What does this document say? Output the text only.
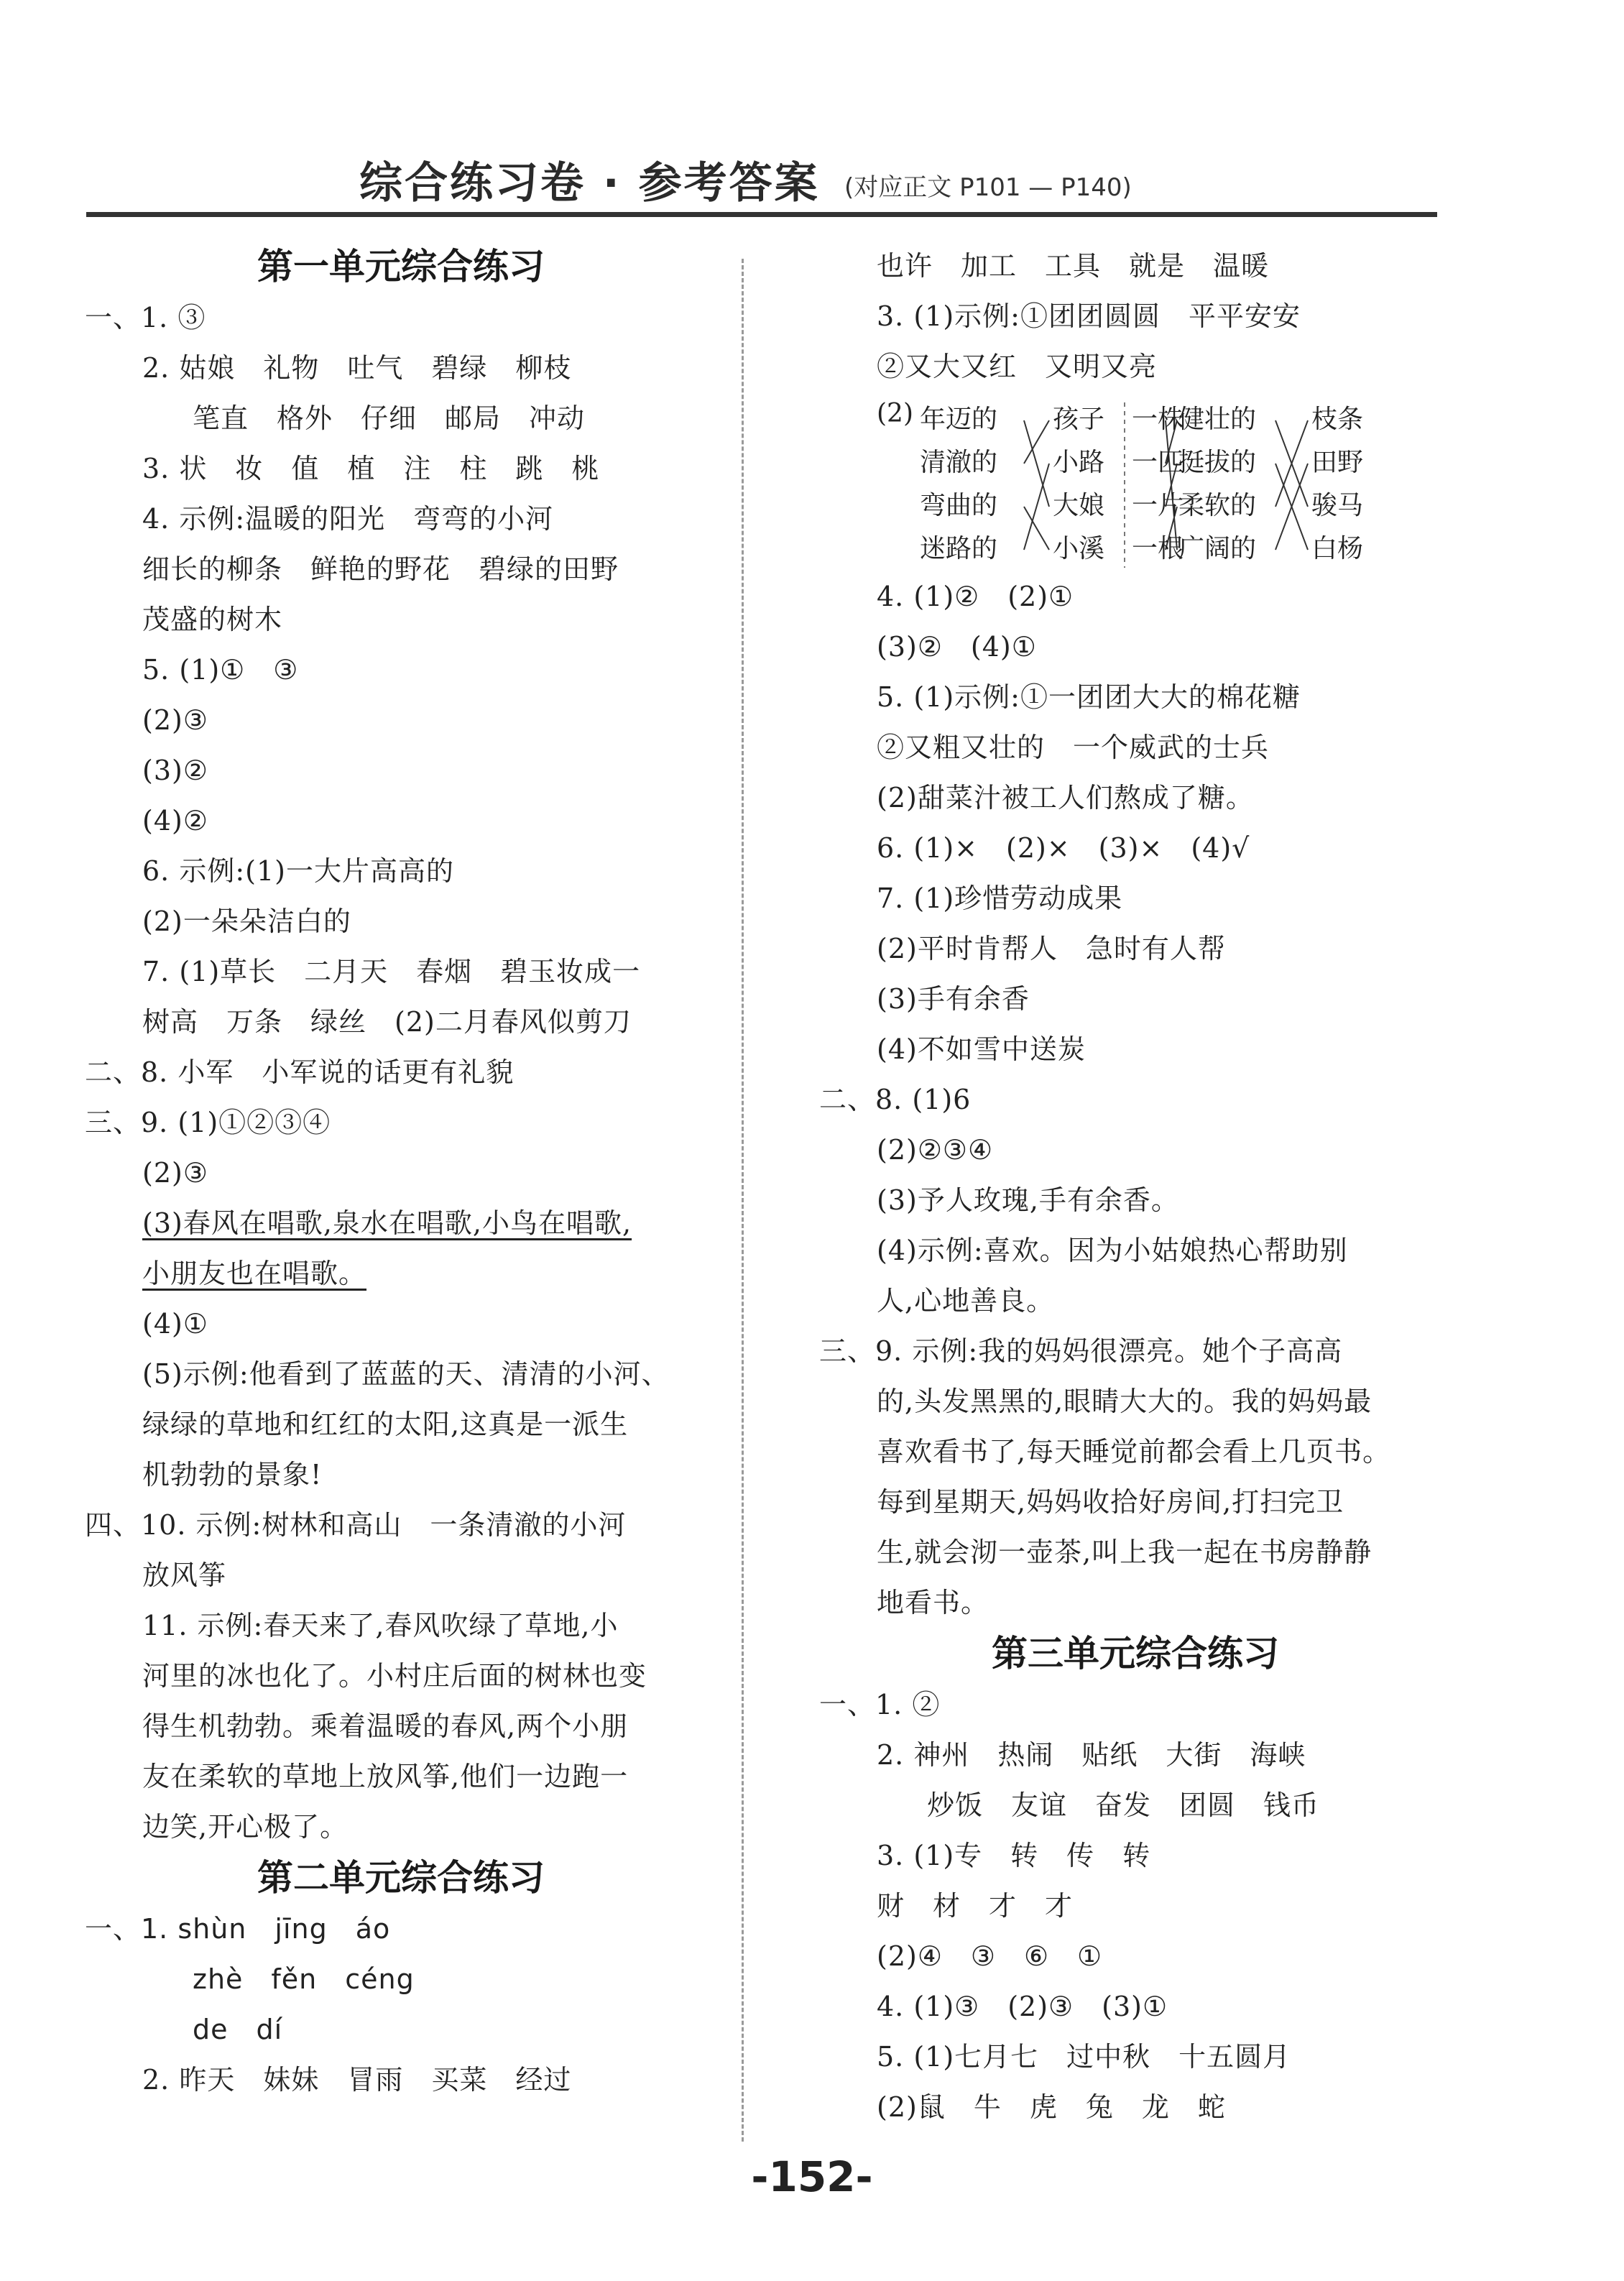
综合练习卷 · 参考答案 (对应正文 P101 — P140)
第一单元综合练习
一、1. ③
2. 姑娘　礼物　吐气　碧绿　柳枝
笔直　格外　仔细　邮局　冲动
3. 状　妆　值　植　注　柱　跳　桃
4. 示例:温暖的阳光　弯弯的小河
细长的柳条　鲜艳的野花　碧绿的田野
茂盛的树木
5. (1)①　③
(2)③
(3)②
(4)②
6. 示例:(1)一大片高高的
(2)一朵朵洁白的
7. (1)草长　二月天　春烟　碧玉妆成一
树高　万条　绿丝　(2)二月春风似剪刀
二、8. 小军　小军说的话更有礼貌
三、9. (1)①②③④
(2)③
(3)春风在唱歌,泉水在唱歌,小鸟在唱歌,
小朋友也在唱歌。
(4)①
(5)示例:他看到了蓝蓝的天、清清的小河、
绿绿的草地和红红的太阳,这真是一派生
机勃勃的景象!
四、10. 示例:树林和高山　一条清澈的小河
放风筝
11. 示例:春天来了,春风吹绿了草地,小
河里的冰也化了。小村庄后面的树林也变
得生机勃勃。乘着温暖的春风,两个小朋
友在柔软的草地上放风筝,他们一边跑一
边笑,开心极了。
第二单元综合练习
一、1. shùn　jīng　áo
zhè　fěn　céng
de　dí
2. 昨天　妹妹　冒雨　买菜　经过
也许　加工　工具　就是　温暖
3. (1)示例:①团团圆圆　平平安安
②又大又红　又明又亮
(2) 年迈的
清澈的
弯曲的
迷路的
孩子
小路
大娘
小溪
一株
一匹
一片
一根
健壮的
挺拔的
柔软的
广阔的
枝条
田野
骏马
白杨
4. (1)②　(2)①
(3)②　(4)①
5. (1)示例:①一团团大大的棉花糖
②又粗又壮的　一个威武的士兵
(2)甜菜汁被工人们熬成了糖。
6. (1)×　(2)×　(3)×　(4)√
7. (1)珍惜劳动成果
(2)平时肯帮人　急时有人帮
(3)手有余香
(4)不如雪中送炭
二、8. (1)6
(2)②③④
(3)予人玫瑰,手有余香。
(4)示例:喜欢。因为小姑娘热心帮助别
人,心地善良。
三、9. 示例:我的妈妈很漂亮。她个子高高
的,头发黑黑的,眼睛大大的。我的妈妈最
喜欢看书了,每天睡觉前都会看上几页书。
每到星期天,妈妈收拾好房间,打扫完卫
生,就会沏一壶茶,叫上我一起在书房静静
地看书。
第三单元综合练习
一、1. ②
2. 神州　热闹　贴纸　大街　海峡
炒饭　友谊　奋发　团圆　钱币
3. (1)专　转　传　转
财　材　才　才
(2)④　③　⑥　①
4. (1)③　(2)③　(3)①
5. (1)七月七　过中秋　十五圆月
(2)鼠　牛　虎　兔　龙　蛇
-152-
